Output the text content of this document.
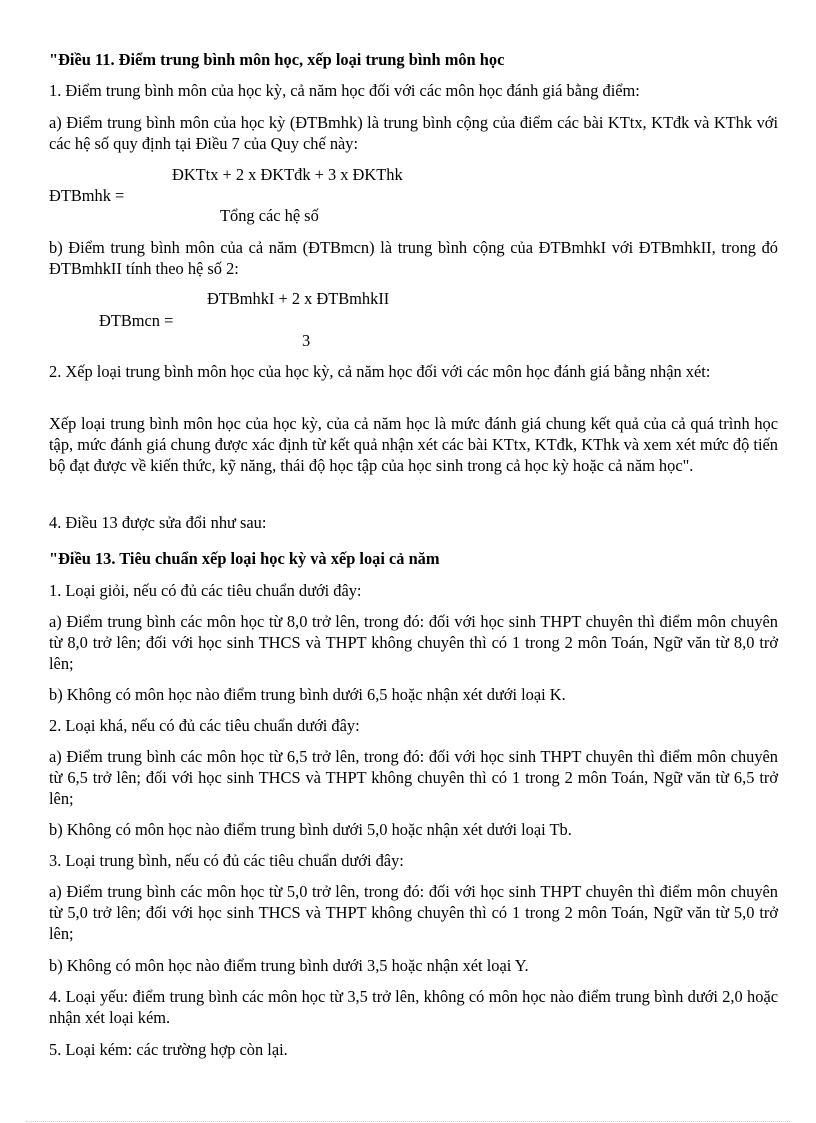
"Điều 11. Điểm trung bình môn học, xếp loại trung bình môn học

1. Điểm trung bình môn của học kỳ, cả năm học đối với các môn học đánh giá bằng điểm:

a) Điểm trung bình môn của học kỳ (ĐTBmhk) là trung bình cộng của điểm các bài KTtx, KTđk và KThk với các hệ số quy định tại Điều 7 của Quy chế này:

ĐKTtx + 2 x ĐKTđk + 3 x ĐKThk
ĐTBmhk =
Tổng các hệ số

b) Điểm trung bình môn của cả năm (ĐTBmcn) là trung bình cộng của ĐTBmhkI với ĐTBmhkII, trong đó ĐTBmhkII tính theo hệ số 2:

ĐTBmhkI + 2 x ĐTBmhkII
ĐTBmcn =
3

2. Xếp loại trung bình môn học của học kỳ, cả năm học đối với các môn học đánh giá bằng nhận xét:

Xếp loại trung bình môn học của học kỳ, của cả năm học là mức đánh giá chung kết quả của cả quá trình học tập, mức đánh giá chung được xác định từ kết quả nhận xét các bài KTtx, KTđk, KThk và xem xét mức độ tiến bộ đạt được về kiến thức, kỹ năng, thái độ học tập của học sinh trong cả học kỳ hoặc cả năm học".

4. Điều 13 được sửa đổi như sau:

"Điều 13. Tiêu chuẩn xếp loại học kỳ và xếp loại cả năm

1. Loại giỏi, nếu có đủ các tiêu chuẩn dưới đây:

a) Điểm trung bình các môn học từ 8,0 trở lên, trong đó: đối với học sinh THPT chuyên thì điểm môn chuyên từ 8,0 trở lên; đối với học sinh THCS và THPT không chuyên thì có 1 trong 2 môn Toán, Ngữ văn từ 8,0 trở lên;

b) Không có môn học nào điểm trung bình dưới 6,5 hoặc nhận xét dưới loại K.

2. Loại khá, nếu có đủ các tiêu chuẩn dưới đây:

a) Điểm trung bình các môn học từ 6,5 trở lên, trong đó: đối với học sinh THPT chuyên thì điểm môn chuyên từ 6,5 trở lên; đối với học sinh THCS và THPT không chuyên thì có 1 trong 2 môn Toán, Ngữ văn từ 6,5 trở lên;

b) Không có môn học nào điểm trung bình dưới 5,0 hoặc nhận xét dưới loại Tb.

3. Loại trung bình, nếu có đủ các tiêu chuẩn dưới đây:

a) Điểm trung bình các môn học từ 5,0 trở lên, trong đó: đối với học sinh THPT chuyên thì điểm môn chuyên từ 5,0 trở lên; đối với học sinh THCS và THPT không chuyên thì có 1 trong 2 môn Toán, Ngữ văn từ 5,0 trở lên;

b) Không có môn học nào điểm trung bình dưới 3,5 hoặc nhận xét loại Y.

4. Loại yếu: điểm trung bình các môn học từ 3,5 trở lên, không có môn học nào điểm trung bình dưới 2,0 hoặc nhận xét loại kém.

5. Loại kém: các trường hợp còn lại.
